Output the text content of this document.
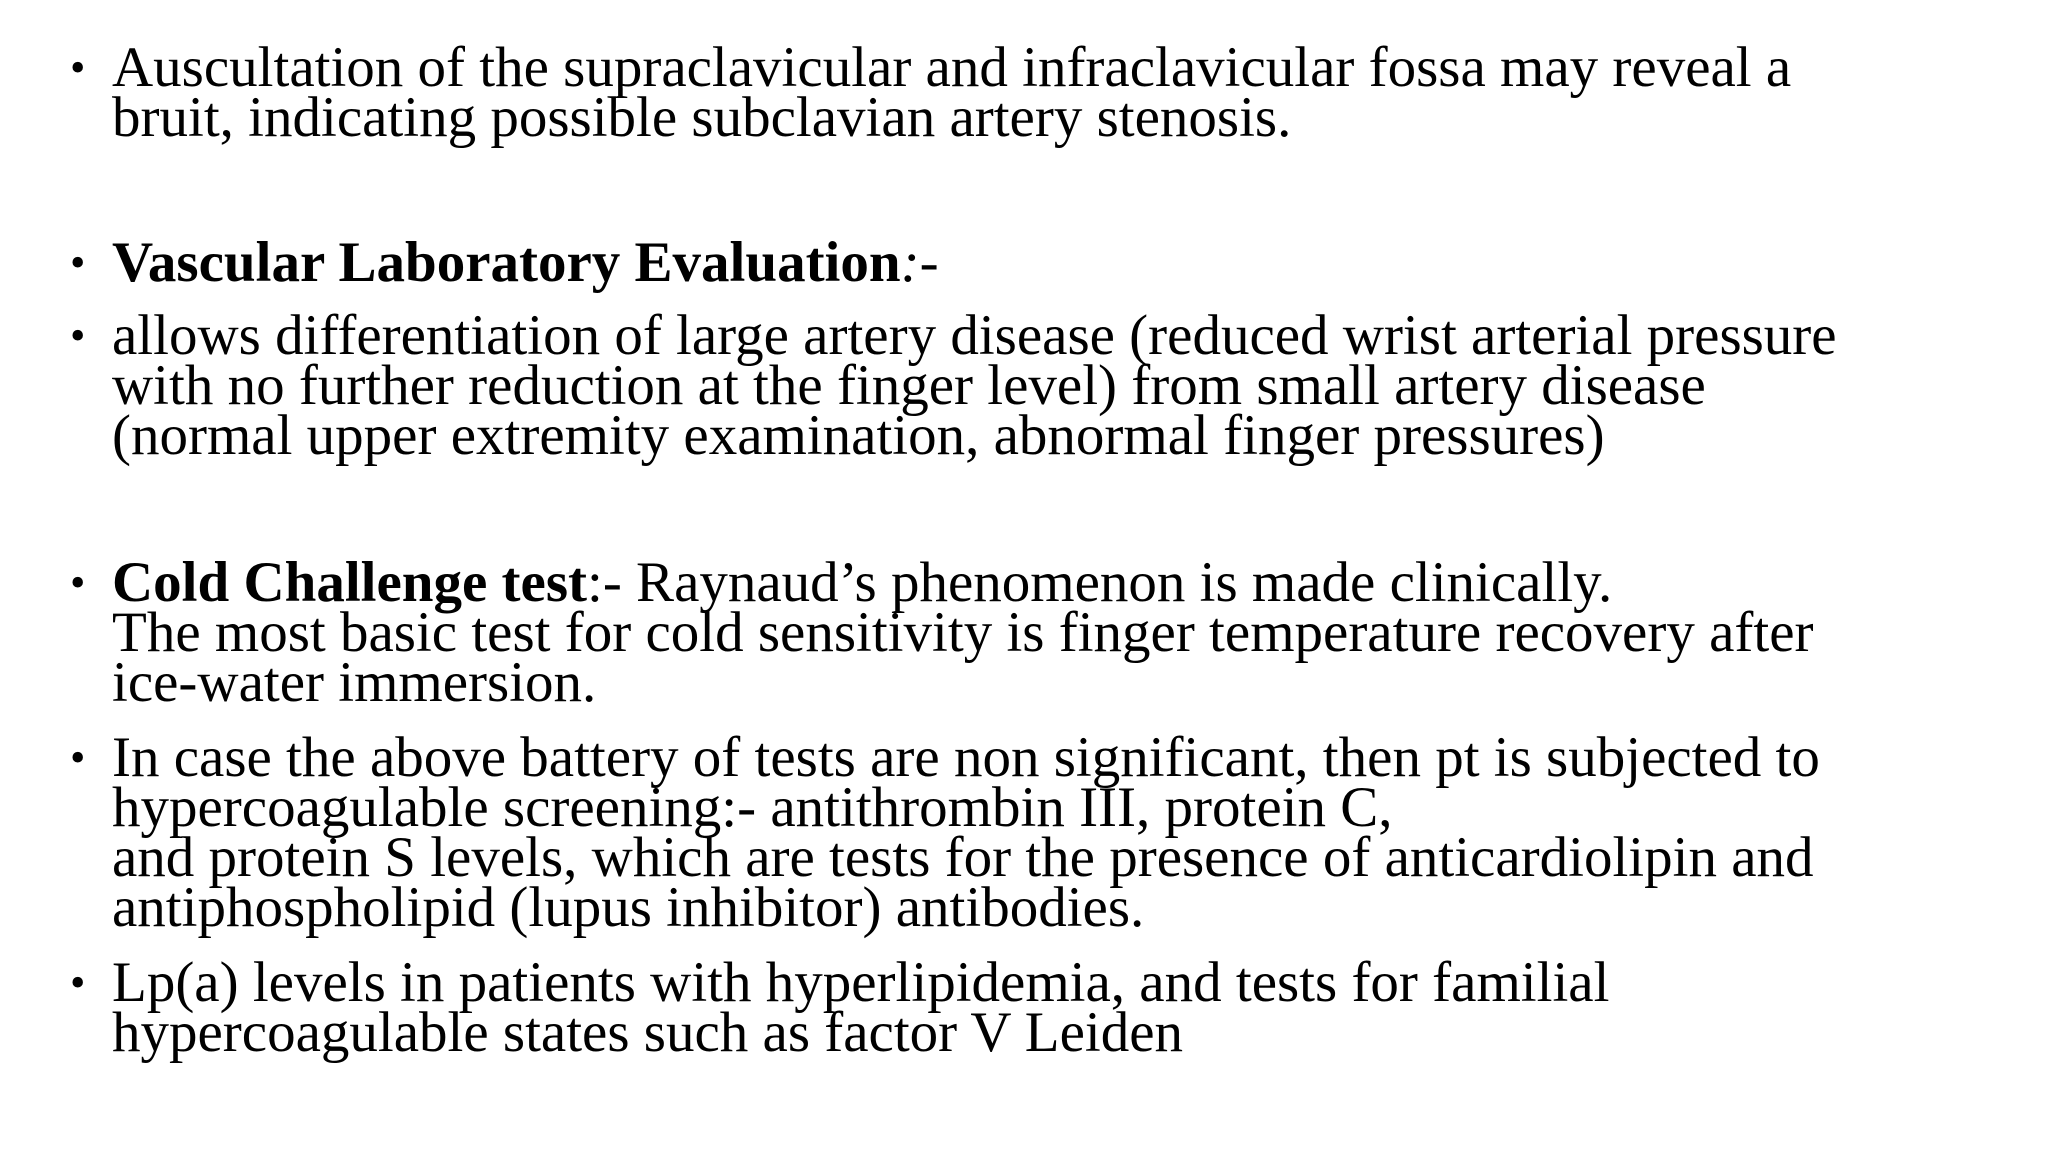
• Auscultation of the supraclavicular and infraclavicular fossa may reveal a
bruit, indicating possible subclavian artery stenosis.
• Vascular Laboratory Evaluation:-
• allows differentiation of large artery disease (reduced wrist arterial pressure
with no further reduction at the finger level) from small artery disease
(normal upper extremity examination, abnormal finger pressures)
• Cold Challenge test:- Raynaud’s phenomenon is made clinically.
The most basic test for cold sensitivity is finger temperature recovery after
ice-water immersion.
• In case the above battery of tests are non significant, then pt is subjected to
hypercoagulable screening:- antithrombin III, protein C,
and protein S levels, which are tests for the presence of anticardiolipin and
antiphospholipid (lupus inhibitor) antibodies.
• Lp(a) levels in patients with hyperlipidemia, and tests for familial
hypercoagulable states such as factor V Leiden
